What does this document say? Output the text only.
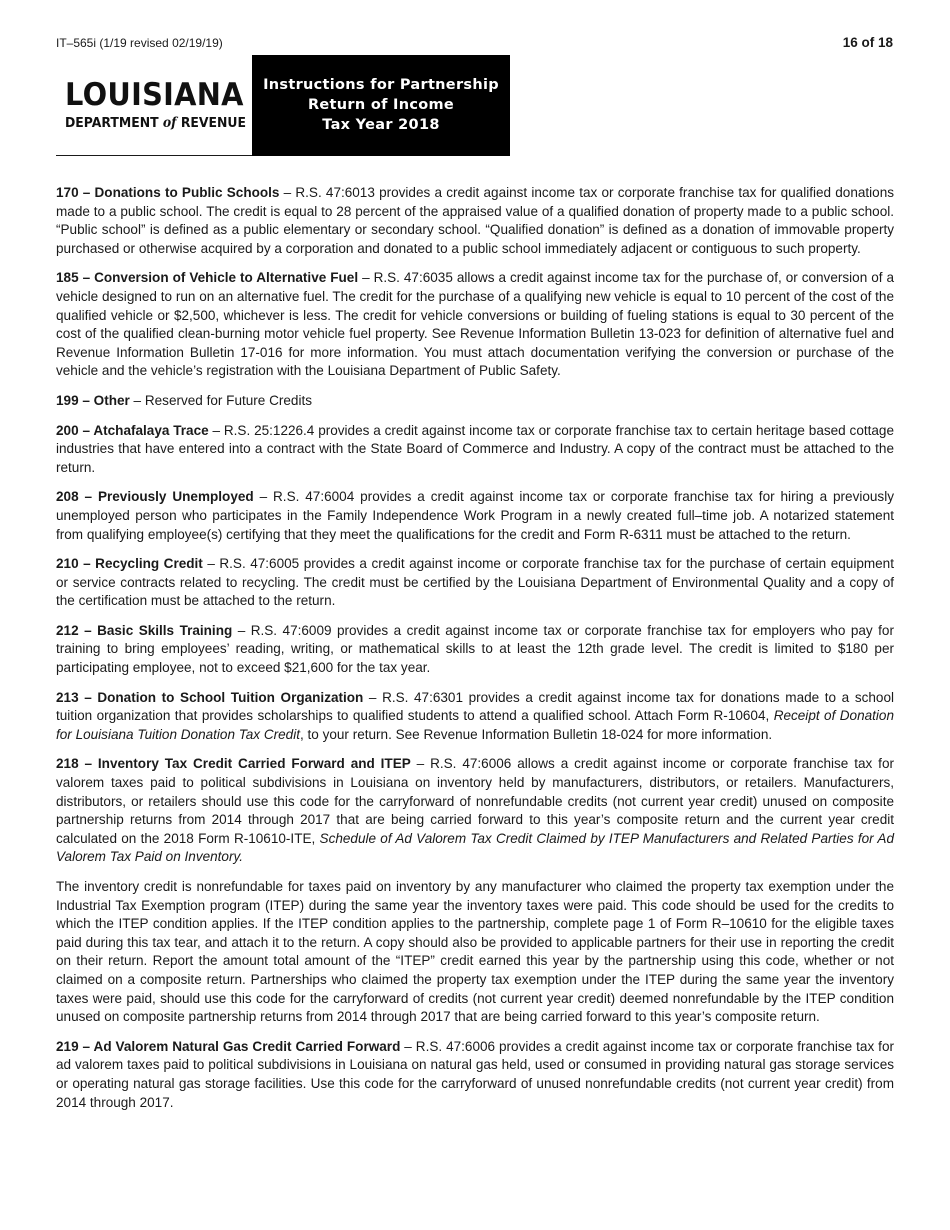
IT–565i (1/19 revised 02/19/19)	16 of 18
LOUISIANA
DEPARTMENT of REVENUE
Instructions for Partnership
Return of Income
Tax Year 2018

170 – Donations to Public Schools – R.S. 47:6013 provides a credit against income tax or corporate franchise tax for qualified donations made to a public school. The credit is equal to 28 percent of the appraised value of a qualified donation of property made to a public school. “Public school” is defined as a public elementary or secondary school. “Qualified donation” is defined as a donation of immovable property purchased or otherwise acquired by a corporation and donated to a public school immediately adjacent or contiguous to such property.

185 – Conversion of Vehicle to Alternative Fuel – R.S. 47:6035 allows a credit against income tax for the purchase of, or conversion of a vehicle designed to run on an alternative fuel. The credit for the purchase of a qualifying new vehicle is equal to 10 percent of the cost of the qualified vehicle or $2,500, whichever is less. The credit for vehicle conversions or building of fueling stations is equal to 30 percent of the cost of the qualified clean-burning motor vehicle fuel property. See Revenue Information Bulletin 13-023 for definition of alternative fuel and Revenue Information Bulletin 17-016 for more information. You must attach documentation verifying the conversion or purchase of the vehicle and the vehicle’s registration with the Louisiana Department of Public Safety.

199 – Other – Reserved for Future Credits

200 – Atchafalaya Trace – R.S. 25:1226.4 provides a credit against income tax or corporate franchise tax to certain heritage based cottage industries that have entered into a contract with the State Board of Commerce and Industry. A copy of the contract must be attached to the return.

208 – Previously Unemployed – R.S. 47:6004 provides a credit against income tax or corporate franchise tax for hiring a previously unemployed person who participates in the Family Independence Work Program in a newly created full–time job. A notarized statement from qualifying employee(s) certifying that they meet the qualifications for the credit and Form R-6311 must be attached to the return.

210 – Recycling Credit – R.S. 47:6005 provides a credit against income or corporate franchise tax for the purchase of certain equipment or service contracts related to recycling. The credit must be certified by the Louisiana Department of Environmental Quality and a copy of the certification must be attached to the return.

212 – Basic Skills Training – R.S. 47:6009 provides a credit against income tax or corporate franchise tax for employers who pay for training to bring employees’ reading, writing, or mathematical skills to at least the 12th grade level. The credit is limited to $180 per participating employee, not to exceed $21,600 for the tax year.

213 – Donation to School Tuition Organization – R.S. 47:6301 provides a credit against income tax for donations made to a school tuition organization that provides scholarships to qualified students to attend a qualified school. Attach Form R-10604, Receipt of Donation for Louisiana Tuition Donation Tax Credit, to your return. See Revenue Information Bulletin 18-024 for more information.

218 – Inventory Tax Credit Carried Forward and ITEP – R.S. 47:6006 allows a credit against income or corporate franchise tax for valorem taxes paid to political subdivisions in Louisiana on inventory held by manufacturers, distributors, or retailers. Manufacturers, distributors, or retailers should use this code for the carryforward of nonrefundable credits (not current year credit) unused on composite partnership returns from 2014 through 2017 that are being carried forward to this year’s composite return and the current year credit calculated on the 2018 Form R-10610-ITE, Schedule of Ad Valorem Tax Credit Claimed by ITEP Manufacturers and Related Parties for Ad Valorem Tax Paid on Inventory.

The inventory credit is nonrefundable for taxes paid on inventory by any manufacturer who claimed the property tax exemption under the Industrial Tax Exemption program (ITEP) during the same year the inventory taxes were paid. This code should be used for the credits to which the ITEP condition applies. If the ITEP condition applies to the partnership, complete page 1 of Form R–10610 for the eligible taxes paid during this tax tear, and attach it to the return. A copy should also be provided to applicable partners for their use in reporting the credit on their return. Report the amount total amount of the “ITEP” credit earned this year by the partnership using this code, whether or not claimed on a composite return. Partnerships who claimed the property tax exemption under the ITEP during the same year the inventory taxes were paid, should use this code for the carryforward of credits (not current year credit) deemed nonrefundable by the ITEP condition unused on composite partnership returns from 2014 through 2017 that are being carried forward to this year’s composite return.

219 – Ad Valorem Natural Gas Credit Carried Forward – R.S. 47:6006 provides a credit against income tax or corporate franchise tax for ad valorem taxes paid to political subdivisions in Louisiana on natural gas held, used or consumed in providing natural gas storage services or operating natural gas storage facilities. Use this code for the carryforward of unused nonrefundable credits (not current year credit) from 2014 through 2017.
